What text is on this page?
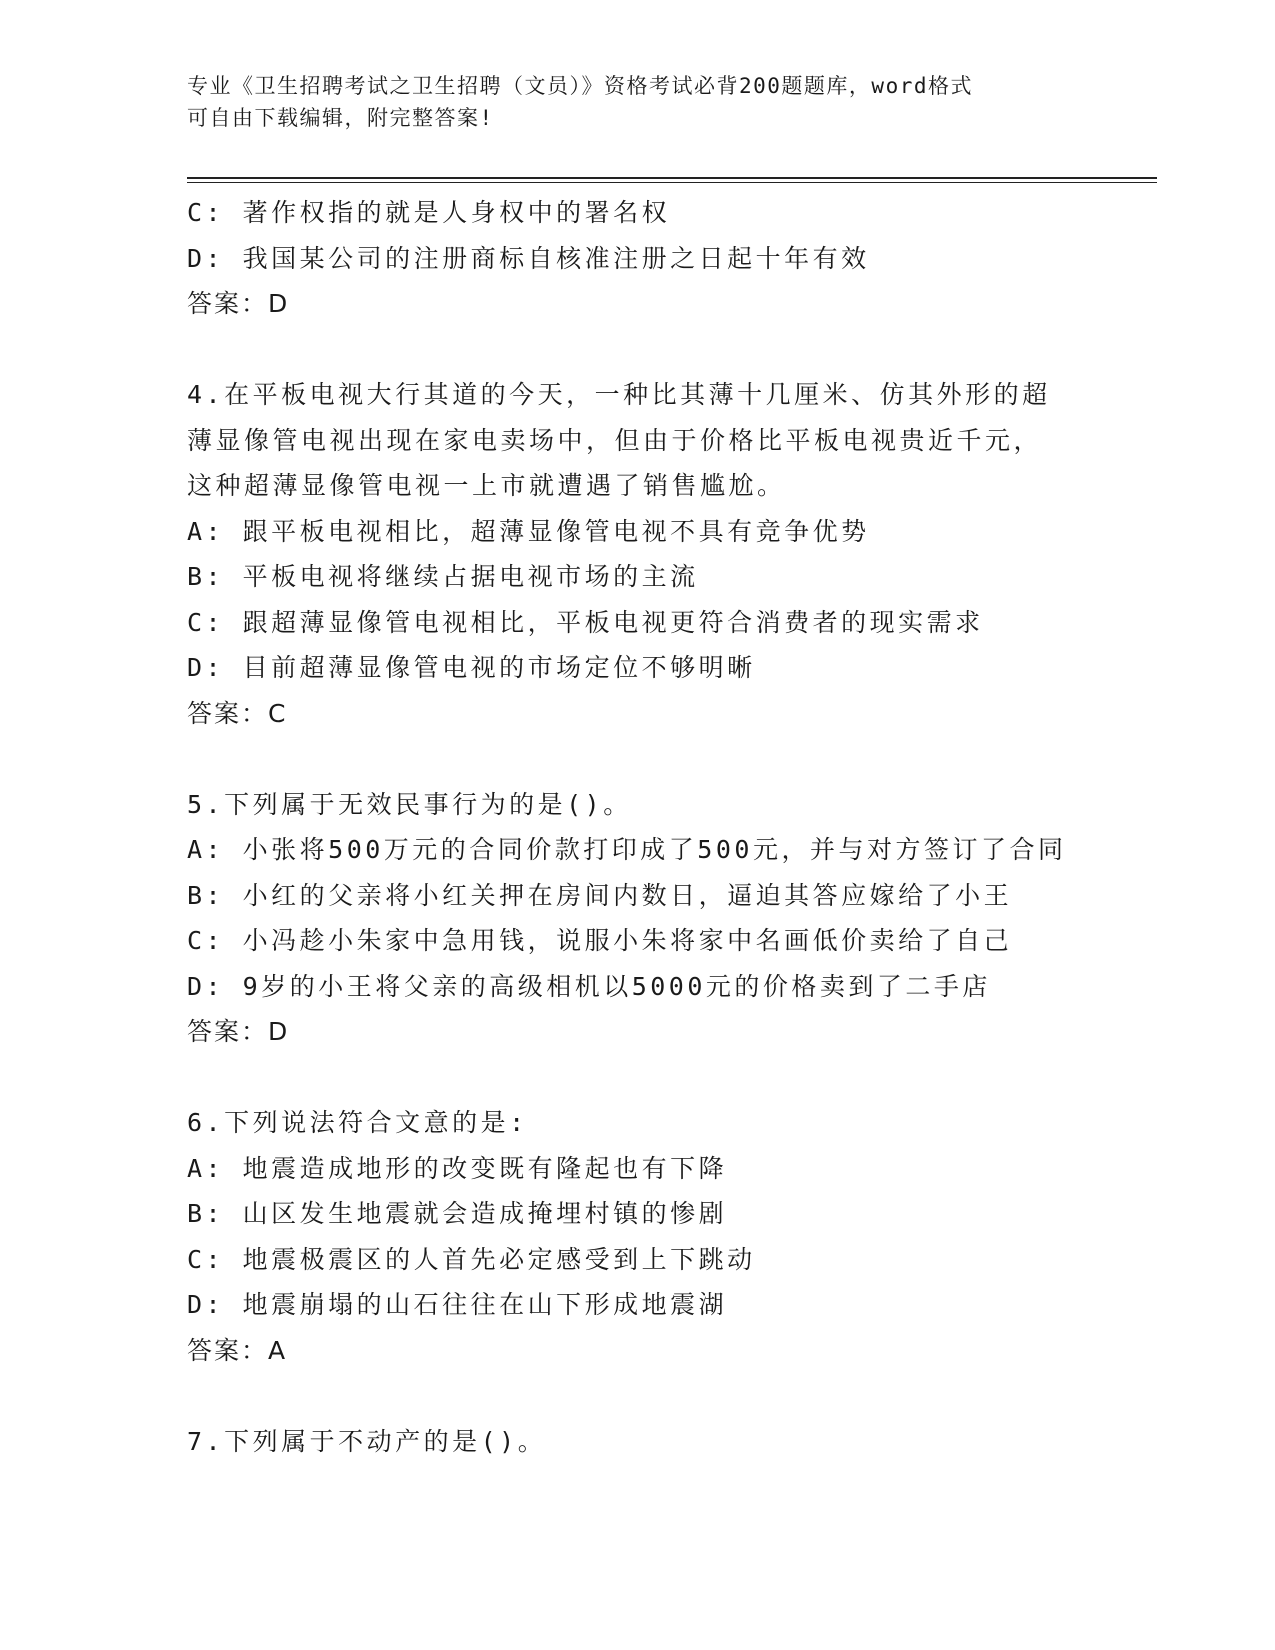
专业《卫生招聘考试之卫生招聘（文员）》资格考试必背200题题库，word格式
可自由下载编辑，附完整答案!
C: 著作权指的就是人身权中的署名权
D: 我国某公司的注册商标自核准注册之日起十年有效
答案：D
4.在平板电视大行其道的今天，一种比其薄十几厘米、仿其外形的超
薄显像管电视出现在家电卖场中，但由于价格比平板电视贵近千元，
这种超薄显像管电视一上市就遭遇了销售尴尬。
A: 跟平板电视相比，超薄显像管电视不具有竞争优势
B: 平板电视将继续占据电视市场的主流
C: 跟超薄显像管电视相比，平板电视更符合消费者的现实需求
D: 目前超薄显像管电视的市场定位不够明晰
答案：C
5.下列属于无效民事行为的是()。
A: 小张将500万元的合同价款打印成了500元，并与对方签订了合同
B: 小红的父亲将小红关押在房间内数日，逼迫其答应嫁给了小王
C: 小冯趁小朱家中急用钱，说服小朱将家中名画低价卖给了自己
D: 9岁的小王将父亲的高级相机以5000元的价格卖到了二手店
答案：D
6.下列说法符合文意的是:
A: 地震造成地形的改变既有隆起也有下降
B: 山区发生地震就会造成掩埋村镇的惨剧
C: 地震极震区的人首先必定感受到上下跳动
D: 地震崩塌的山石往往在山下形成地震湖
答案：A
7.下列属于不动产的是()。
